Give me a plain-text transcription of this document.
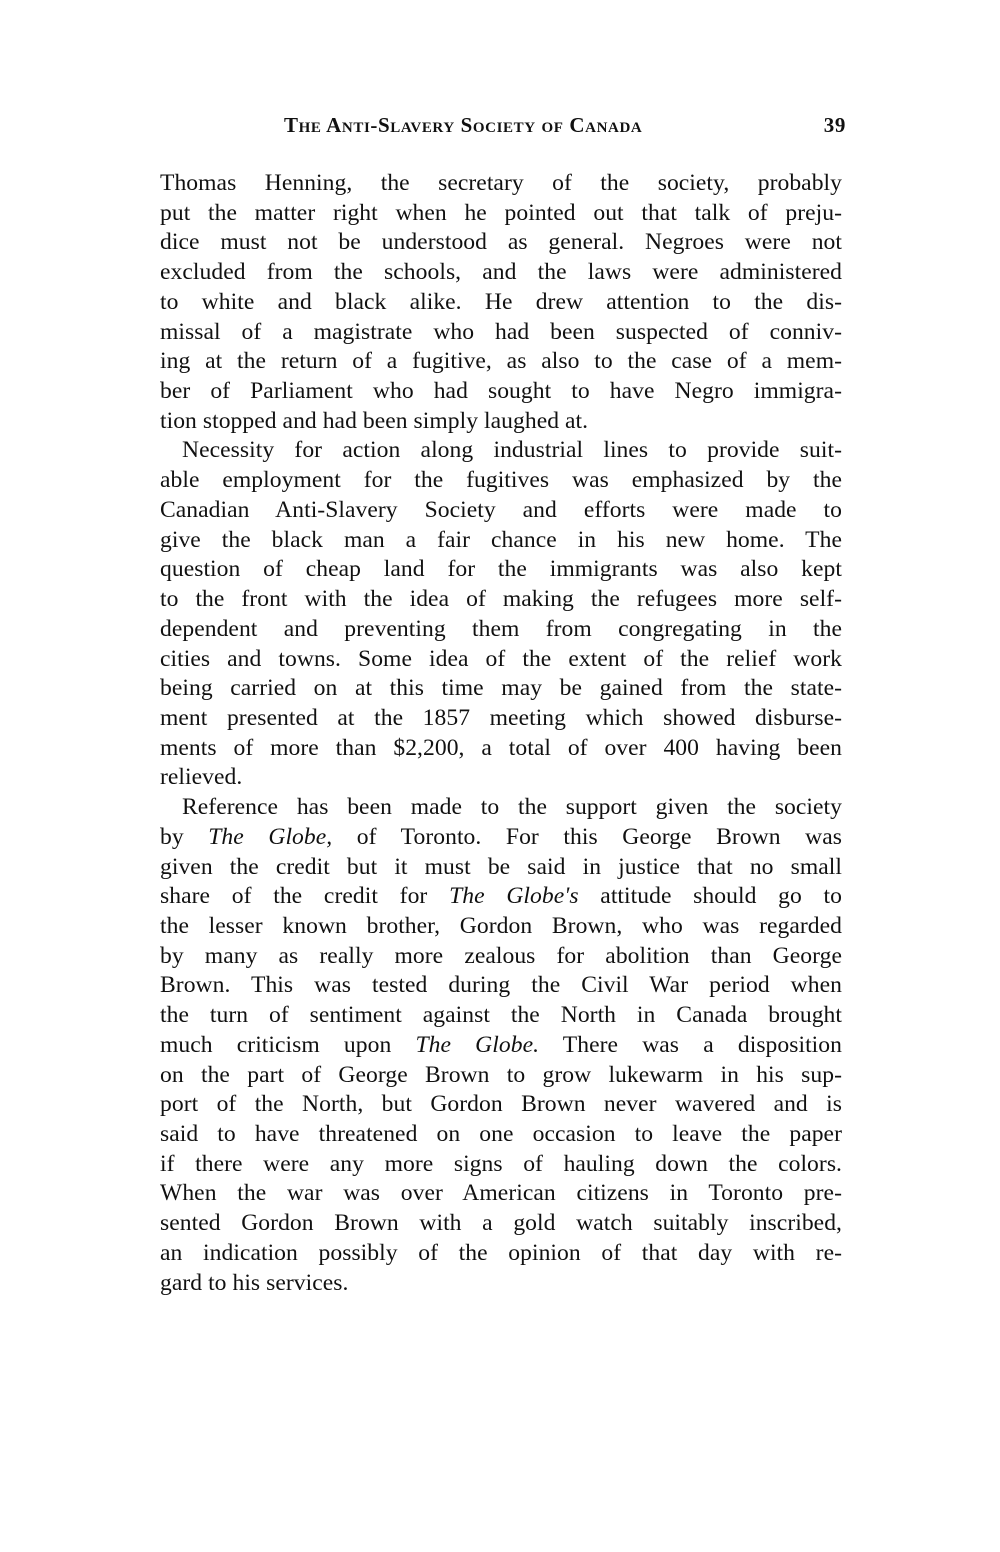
The Anti-Slavery Society of Canada	39
Thomas Henning, the secretary of the society, probably
put the matter right when he pointed out that talk of preju-
dice must not be understood as general. Negroes were not
excluded from the schools, and the laws were administered
to white and black alike. He drew attention to the dis-
missal of a magistrate who had been suspected of conniv-
ing at the return of a fugitive, as also to the case of a mem-
ber of Parliament who had sought to have Negro immigra-
tion stopped and had been simply laughed at.
Necessity for action along industrial lines to provide suit-
able employment for the fugitives was emphasized by the
Canadian Anti-Slavery Society and efforts were made to
give the black man a fair chance in his new home. The
question of cheap land for the immigrants was also kept
to the front with the idea of making the refugees more self-
dependent and preventing them from congregating in the
cities and towns. Some idea of the extent of the relief work
being carried on at this time may be gained from the state-
ment presented at the 1857 meeting which showed disburse-
ments of more than $2,200, a total of over 400 having been
relieved.
Reference has been made to the support given the society
by The Globe, of Toronto. For this George Brown was
given the credit but it must be said in justice that no small
share of the credit for The Globe's attitude should go to
the lesser known brother, Gordon Brown, who was regarded
by many as really more zealous for abolition than George
Brown. This was tested during the Civil War period when
the turn of sentiment against the North in Canada brought
much criticism upon The Globe. There was a disposition
on the part of George Brown to grow lukewarm in his sup-
port of the North, but Gordon Brown never wavered and is
said to have threatened on one occasion to leave the paper
if there were any more signs of hauling down the colors.
When the war was over American citizens in Toronto pre-
sented Gordon Brown with a gold watch suitably inscribed,
an indication possibly of the opinion of that day with re-
gard to his services.
